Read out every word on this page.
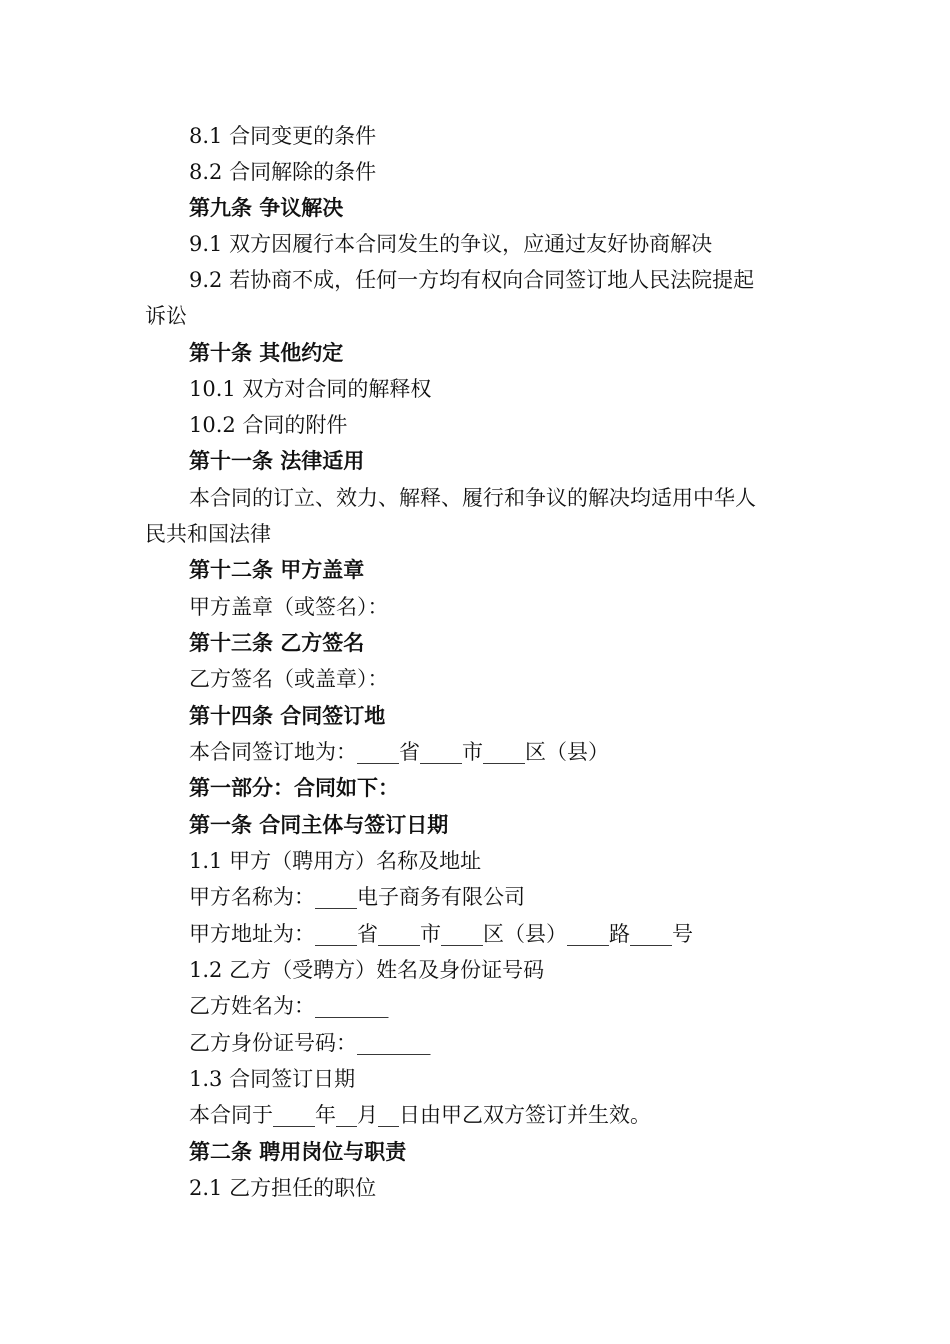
8.1 合同变更的条件
8.2 合同解除的条件
第九条 争议解决
9.1 双方因履行本合同发生的争议，应通过友好协商解决
9.2 若协商不成，任何一方均有权向合同签订地人民法院提起
诉讼
第十条 其他约定
10.1 双方对合同的解释权
10.2 合同的附件
第十一条 法律适用
本合同的订立、效力、解释、履行和争议的解决均适用中华人
民共和国法律
第十二条 甲方盖章
甲方盖章（或签名）：
第十三条 乙方签名
乙方签名（或盖章）：
第十四条 合同签订地
本合同签订地为：____省____市____区（县）
第一部分：合同如下：
第一条 合同主体与签订日期
1.1 甲方（聘用方）名称及地址
甲方名称为：____电子商务有限公司
甲方地址为：____省____市____区（县）____路____号
1.2 乙方（受聘方）姓名及身份证号码
乙方姓名为：_______
乙方身份证号码：_______
1.3 合同签订日期
本合同于____年__月__日由甲乙双方签订并生效。
第二条 聘用岗位与职责
2.1 乙方担任的职位
